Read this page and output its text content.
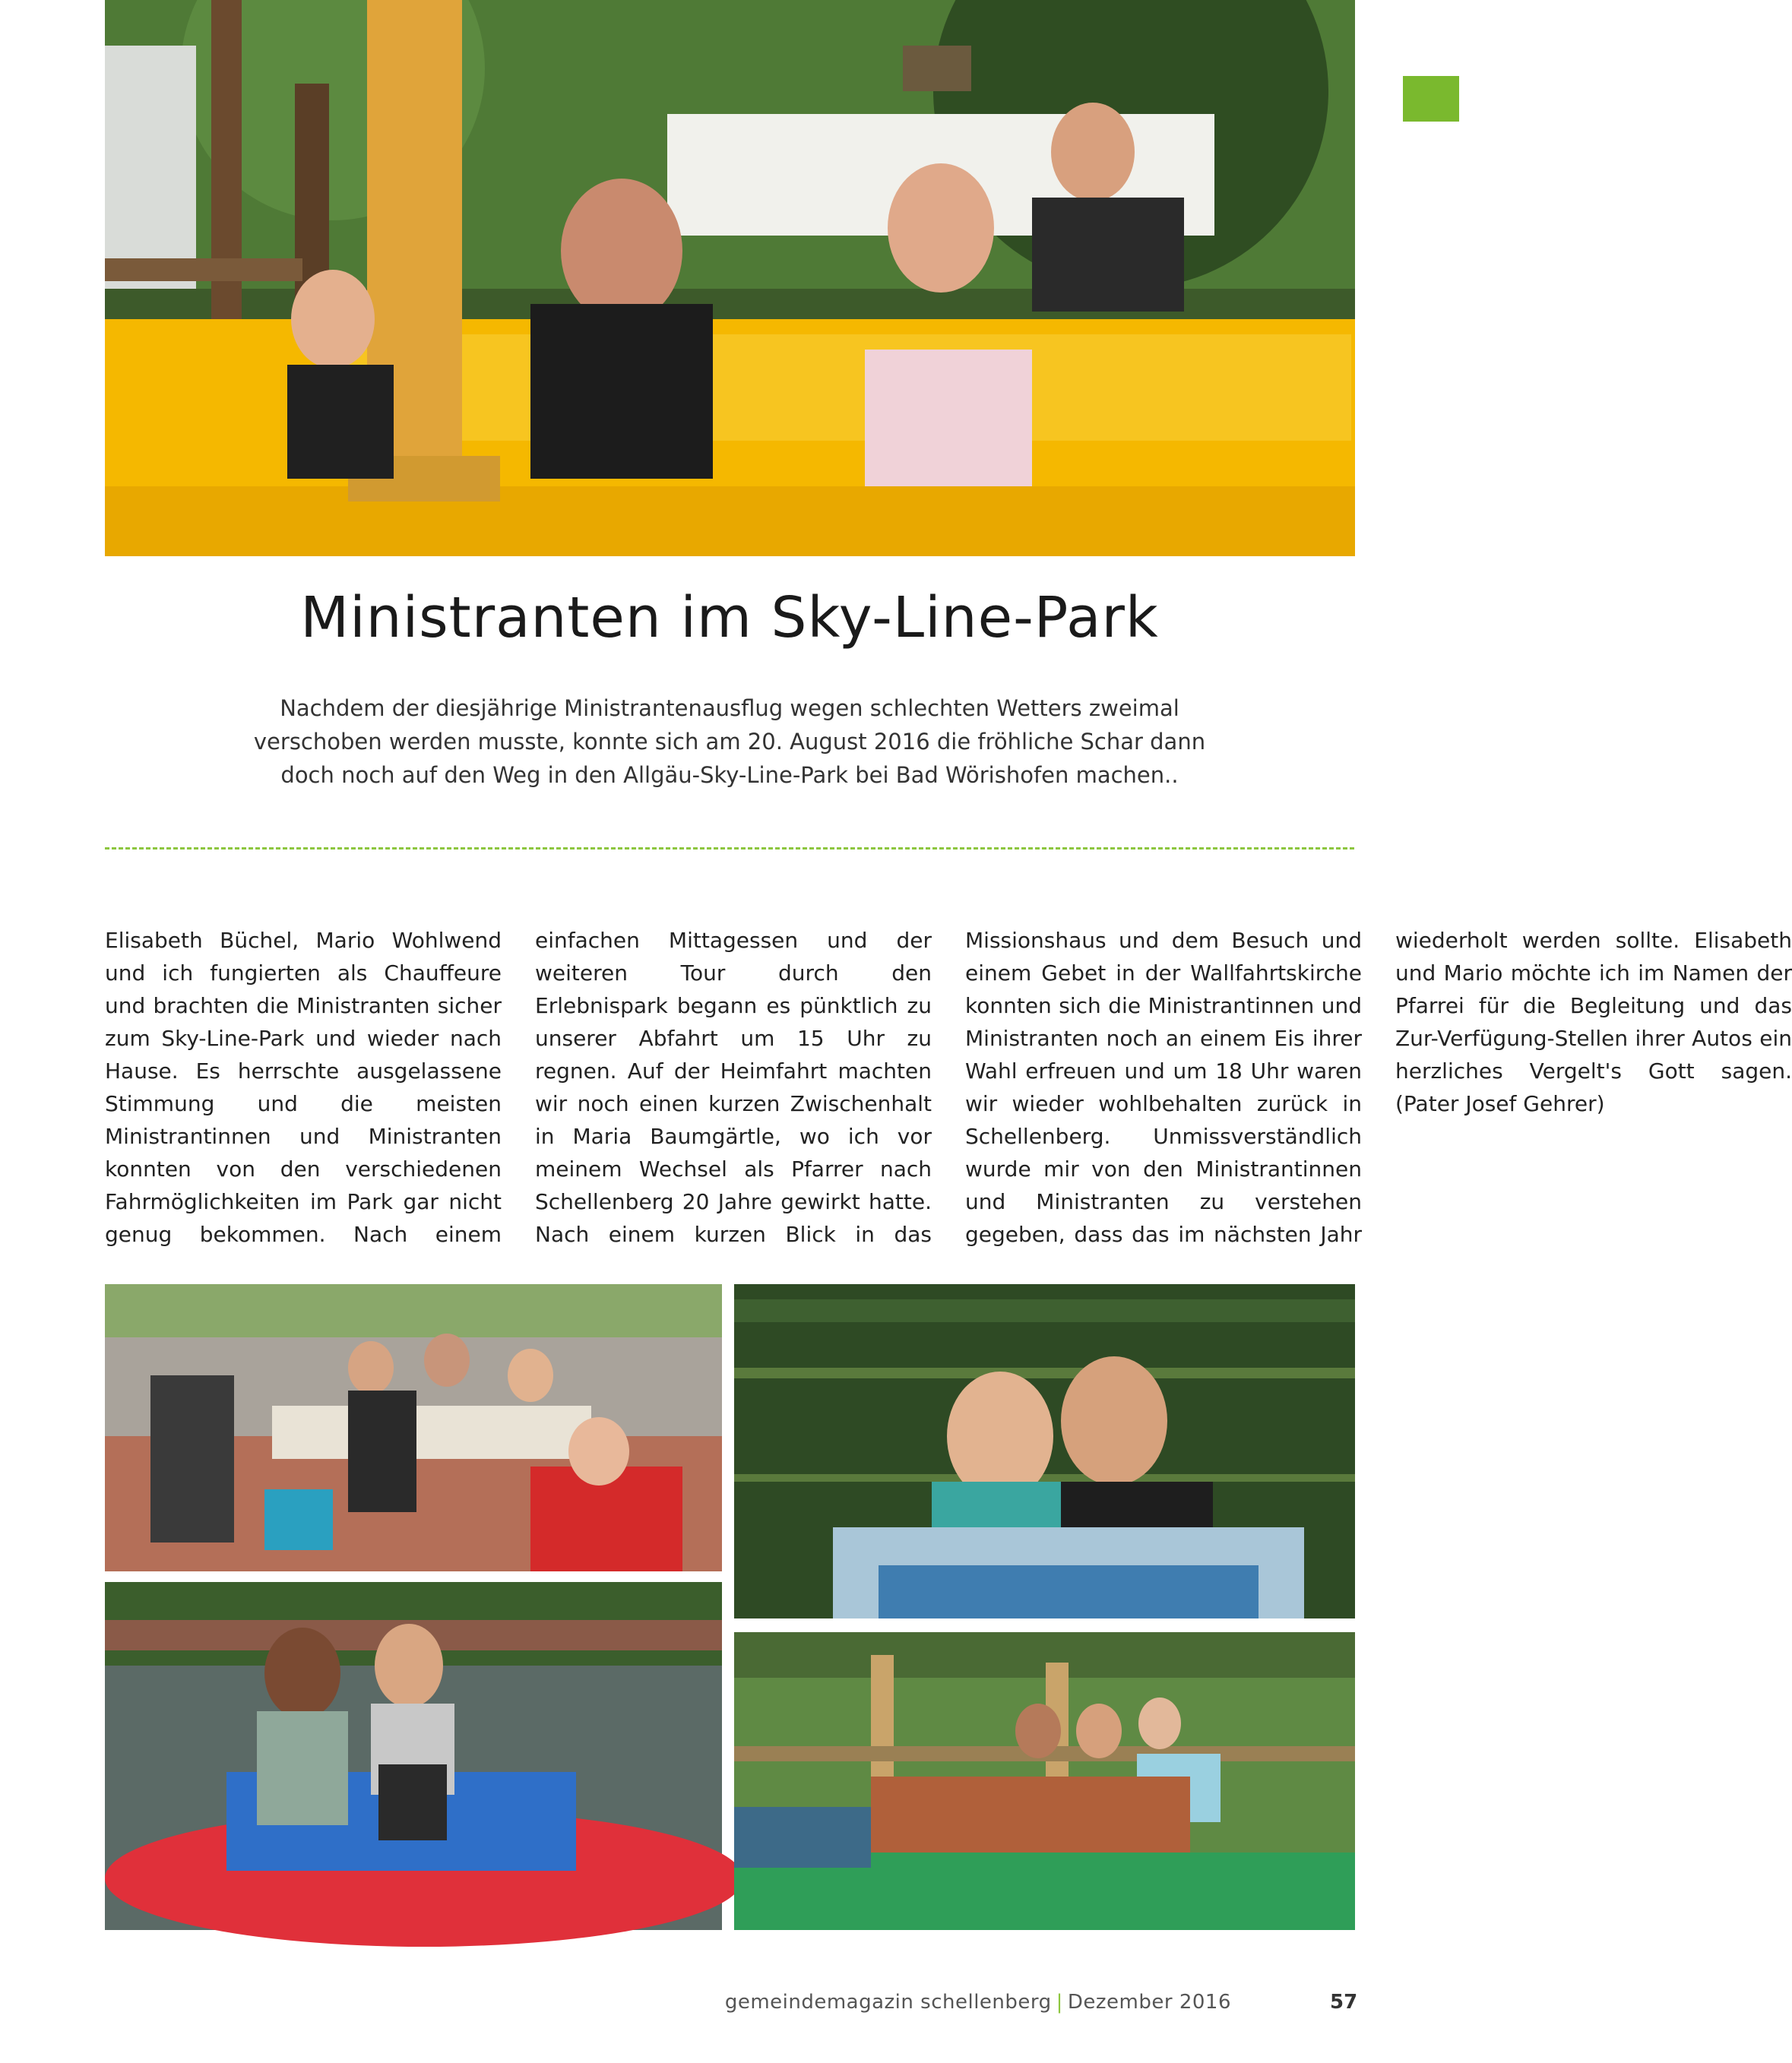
Ministranten im Sky-Line-Park

Nachdem der diesjährige Ministrantenausflug wegen schlechten Wetters zweimal verschoben werden musste, konnte sich am 20. August 2016 die fröhliche Schar dann doch noch auf den Weg in den Allgäu-Sky-Line-Park bei Bad Wörishofen machen..

Elisabeth Büchel, Mario Wohlwend und ich fungierten als Chauffeure und brachten die Ministranten sicher zum Sky-Line-Park und wieder nach Hause. Es herrschte ausgelassene Stimmung und die meisten Ministrantinnen und Ministranten konnten von den verschiedenen Fahrmöglichkeiten im Park gar nicht genug bekommen. Nach einem einfachen Mittagessen und der weiteren Tour durch den Erlebnispark begann es pünktlich zu unserer Abfahrt um 15 Uhr zu regnen. Auf der Heimfahrt machten wir noch einen kurzen Zwischenhalt in Maria Baumgärtle, wo ich vor meinem Wechsel als Pfarrer nach Schellenberg 20 Jahre gewirkt hatte. Nach einem kurzen Blick in das Missionshaus und dem Besuch und einem Gebet in der Wallfahrtskirche konnten sich die Ministrantinnen und Ministranten noch an einem Eis ihrer Wahl erfreuen und um 18 Uhr waren wir wieder wohlbehalten zurück in Schellenberg. Unmissverständlich wurde mir von den Ministrantinnen und Ministranten zu verstehen gegeben, dass das im nächsten Jahr wiederholt werden sollte. Elisabeth und Mario möchte ich im Namen der Pfarrei für die Begleitung und das Zur-Verfügung-Stellen ihrer Autos ein herzliches Vergelt's Gott sagen. (Pater Josef Gehrer)

gemeindemagazin schellenberg | Dezember 2016	57
